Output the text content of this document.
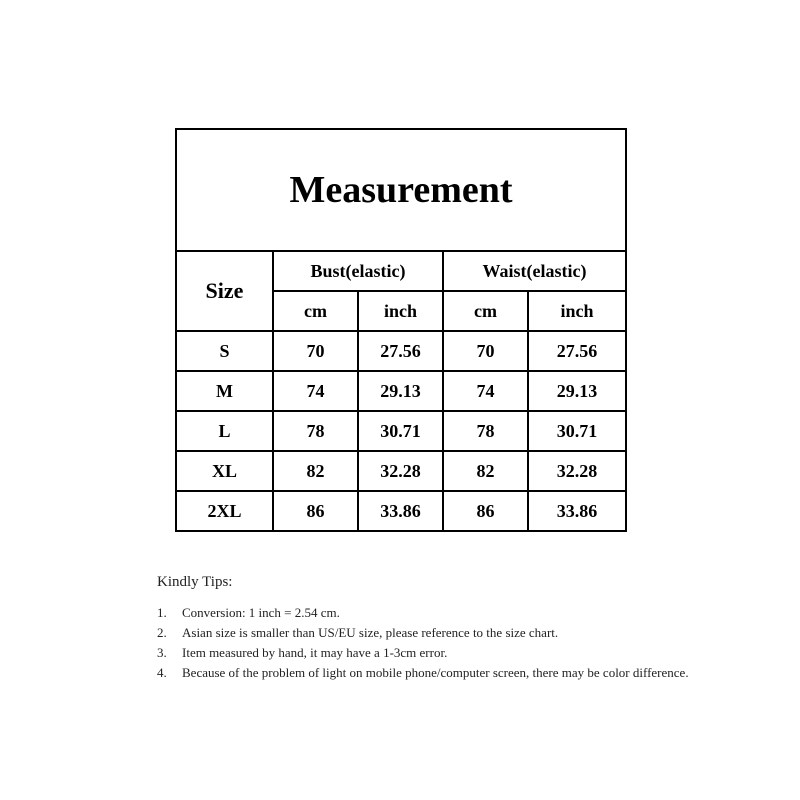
Measurement				
Size	Bust(elastic)		Waist(elastic)	
	cm	inch	cm	inch
S	70	27.56	70	27.56
M	74	29.13	74	29.13
L	78	30.71	78	30.71
XL	82	32.28	82	32.28
2XL	86	33.86	86	33.86
Kindly Tips:
1. Conversion: 1 inch = 2.54 cm.
2. Asian size is smaller than US/EU size, please reference to the size chart.
3. Item measured by hand, it may have a 1-3cm error.
4. Because of the problem of light on mobile phone/computer screen, there may be color difference.
